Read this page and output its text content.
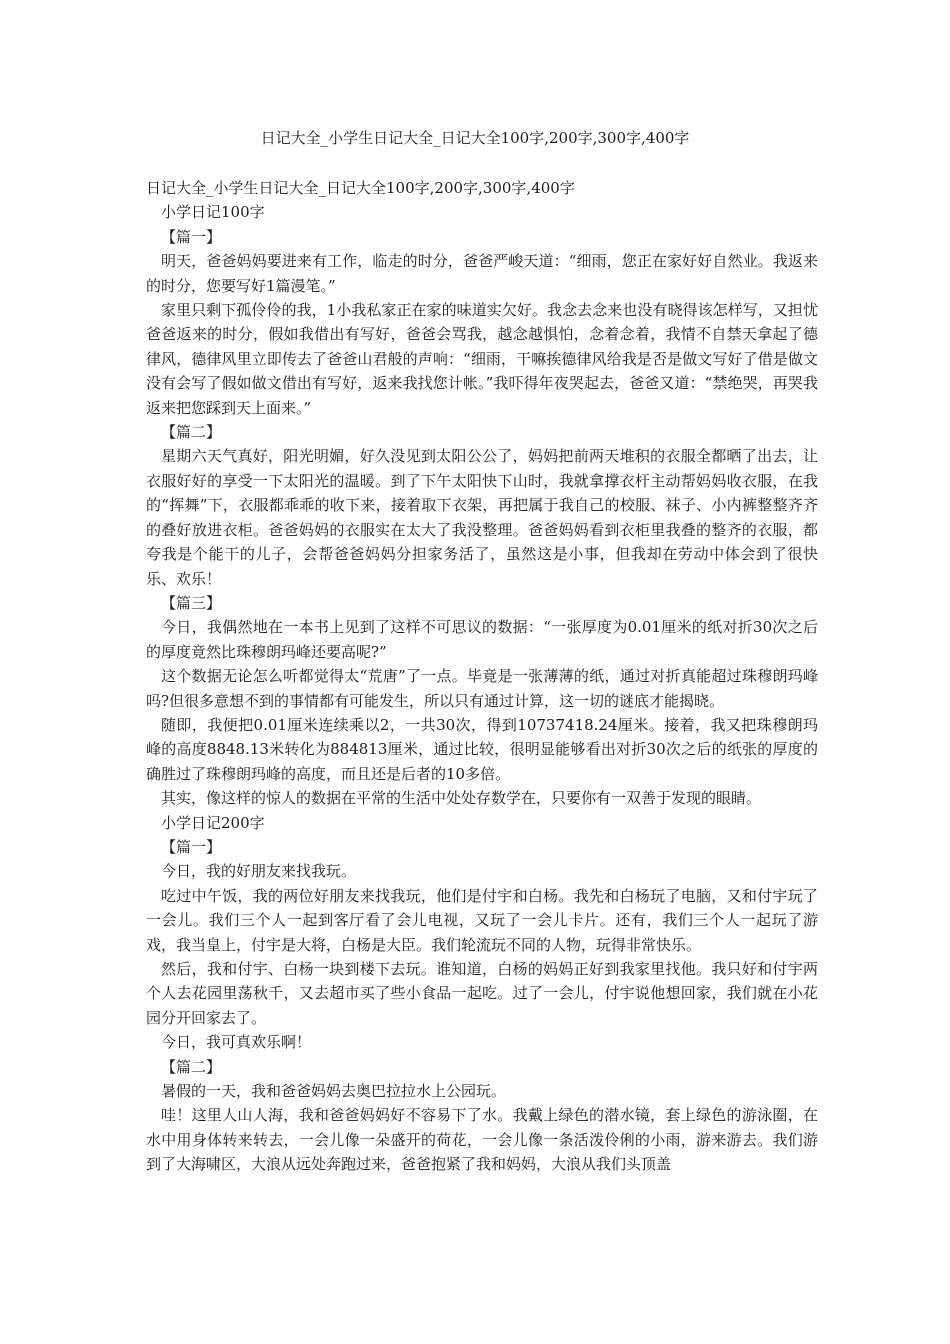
日记大全_小学生日记大全_日记大全100字,200字,300字,400字

日记大全_小学生日记大全_日记大全100字,200字,300字,400字

小学日记100字

【篇一】

明天，爸爸妈妈要进来有工作，临走的时分，爸爸严峻天道：“细雨，您正在家好好自然业。我返来的时分，您要写好1篇漫笔。”

家里只剩下孤伶伶的我，1小我私家正在家的味道实欠好。我念去念来也没有晓得该怎样写，又担忧爸爸返来的时分，假如我借出有写好，爸爸会骂我，越念越惧怕，念着念着，我情不自禁天拿起了德律风，德律风里立即传去了爸爸山君般的声响：“细雨，干嘛挨德律风给我是否是做文写好了借是做文没有会写了假如做文借出有写好，返来我找您计帐。”我吓得年夜哭起去，爸爸又道：“禁绝哭，再哭我返来把您踩到天上面来。”

【篇二】

星期六天气真好，阳光明媚，好久没见到太阳公公了，妈妈把前两天堆积的衣服全都晒了出去，让衣服好好的享受一下太阳光的温暖。到了下午太阳快下山时，我就拿撑衣杆主动帮妈妈收衣服，在我的“挥舞”下，衣服都乖乖的收下来，接着取下衣架，再把属于我自己的校服、袜子、小内裤整整齐齐的叠好放进衣柜。爸爸妈妈的衣服实在太大了我没整理。爸爸妈妈看到衣柜里我叠的整齐的衣服，都夸我是个能干的儿子，会帮爸爸妈妈分担家务活了，虽然这是小事，但我却在劳动中体会到了很快乐、欢乐！

【篇三】

今日，我偶然地在一本书上见到了这样不可思议的数据：“一张厚度为0.01厘米的纸对折30次之后的厚度竟然比珠穆朗玛峰还要高呢?”

这个数据无论怎么听都觉得太“荒唐”了一点。毕竟是一张薄薄的纸，通过对折真能超过珠穆朗玛峰吗?但很多意想不到的事情都有可能发生，所以只有通过计算，这一切的谜底才能揭晓。

随即，我便把0.01厘米连续乘以2，一共30次，得到10737418.24厘米。接着，我又把珠穆朗玛峰的高度8848.13米转化为884813厘米，通过比较，很明显能够看出对折30次之后的纸张的厚度的确胜过了珠穆朗玛峰的高度，而且还是后者的10多倍。

其实，像这样的惊人的数据在平常的生活中处处存数学在，只要你有一双善于发现的眼睛。

小学日记200字

【篇一】

今日，我的好朋友来找我玩。

吃过中午饭，我的两位好朋友来找我玩，他们是付宇和白杨。我先和白杨玩了电脑，又和付宇玩了一会儿。我们三个人一起到客厅看了会儿电视，又玩了一会儿卡片。还有，我们三个人一起玩了游戏，我当皇上，付宇是大将，白杨是大臣。我们轮流玩不同的人物，玩得非常快乐。

然后，我和付宇、白杨一块到楼下去玩。谁知道，白杨的妈妈正好到我家里找他。我只好和付宇两个人去花园里荡秋千，又去超市买了些小食品一起吃。过了一会儿，付宇说他想回家，我们就在小花园分开回家去了。

今日，我可真欢乐啊！

【篇二】

暑假的一天，我和爸爸妈妈去奥巴拉拉水上公园玩。

哇！这里人山人海，我和爸爸妈妈好不容易下了水。我戴上绿色的潜水镜，套上绿色的游泳圈，在水中用身体转来转去，一会儿像一朵盛开的荷花，一会儿像一条活泼伶俐的小雨，游来游去。我们游到了大海啸区，大浪从远处奔跑过来，爸爸抱紧了我和妈妈，大浪从我们头顶盖
